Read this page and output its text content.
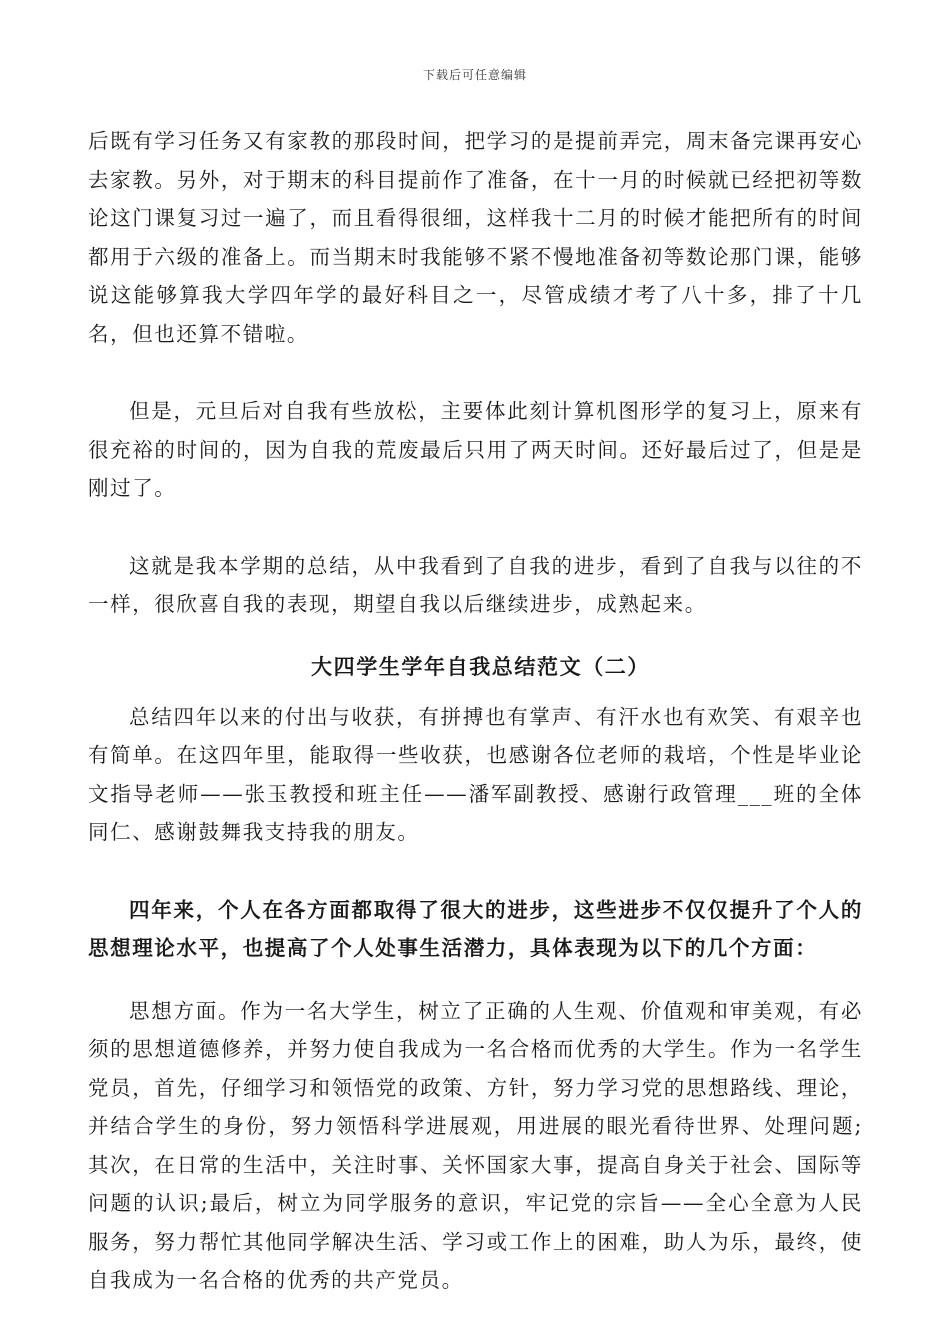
下载后可任意编辑

后既有学习任务又有家教的那段时间，把学习的是提前弄完，周末备完课再安心去家教。另外，对于期末的科目提前作了准备，在十一月的时候就已经把初等数论这门课复习过一遍了，而且看得很细，这样我十二月的时候才能把所有的时间都用于六级的准备上。而当期末时我能够不紧不慢地准备初等数论那门课，能够说这能够算我大学四年学的最好科目之一，尽管成绩才考了八十多，排了十几名，但也还算不错啦。

但是，元旦后对自我有些放松，主要体此刻计算机图形学的复习上，原来有很充裕的时间的，因为自我的荒废最后只用了两天时间。还好最后过了，但是是刚过了。

这就是我本学期的总结，从中我看到了自我的进步，看到了自我与以往的不一样，很欣喜自我的表现，期望自我以后继续进步，成熟起来。

大四学生学年自我总结范文（二）

总结四年以来的付出与收获，有拼搏也有掌声、有汗水也有欢笑、有艰辛也有简单。在这四年里，能取得一些收获，也感谢各位老师的栽培，个性是毕业论文指导老师——张玉教授和班主任——潘军副教授、感谢行政管理___班的全体同仁、感谢鼓舞我支持我的朋友。

四年来，个人在各方面都取得了很大的进步，这些进步不仅仅提升了个人的思想理论水平，也提高了个人处事生活潜力，具体表现为以下的几个方面：

思想方面。作为一名大学生，树立了正确的人生观、价值观和审美观，有必须的思想道德修养，并努力使自我成为一名合格而优秀的大学生。作为一名学生党员，首先，仔细学习和领悟党的政策、方针，努力学习党的思想路线、理论，并结合学生的身份，努力领悟科学进展观，用进展的眼光看待世界、处理问题;其次，在日常的生活中，关注时事、关怀国家大事，提高自身关于社会、国际等问题的认识;最后，树立为同学服务的意识，牢记党的宗旨——全心全意为人民服务，努力帮忙其他同学解决生活、学习或工作上的困难，助人为乐，最终，使自我成为一名合格的优秀的共产党员。
